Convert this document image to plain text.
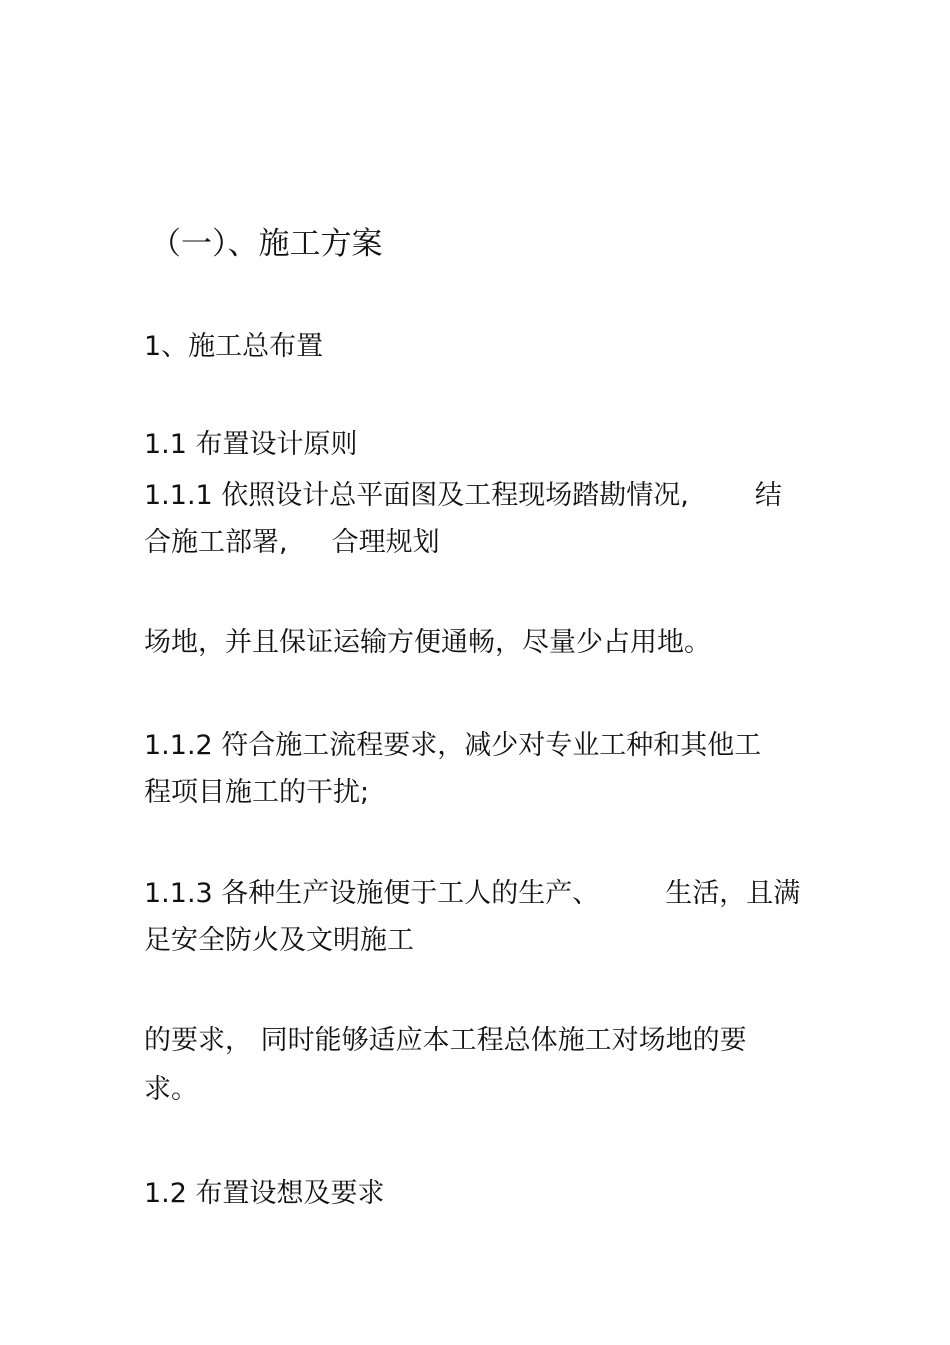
（一）、施工方案
1、施工总布置
1.1 布置设计原则
1.1.1 依照设计总平面图及工程现场踏勘情况, 结
合施工部署, 合理规划
场地，并且保证运输方便通畅，尽量少占用地。
1.1.2 符合施工流程要求，减少对专业工种和其他工
程项目施工的干扰;
1.1.3 各种生产设施便于工人的生产、 生活，且满
足安全防火及文明施工
的要求， 同时能够适应本工程总体施工对场地的要
求。
1.2 布置设想及要求
